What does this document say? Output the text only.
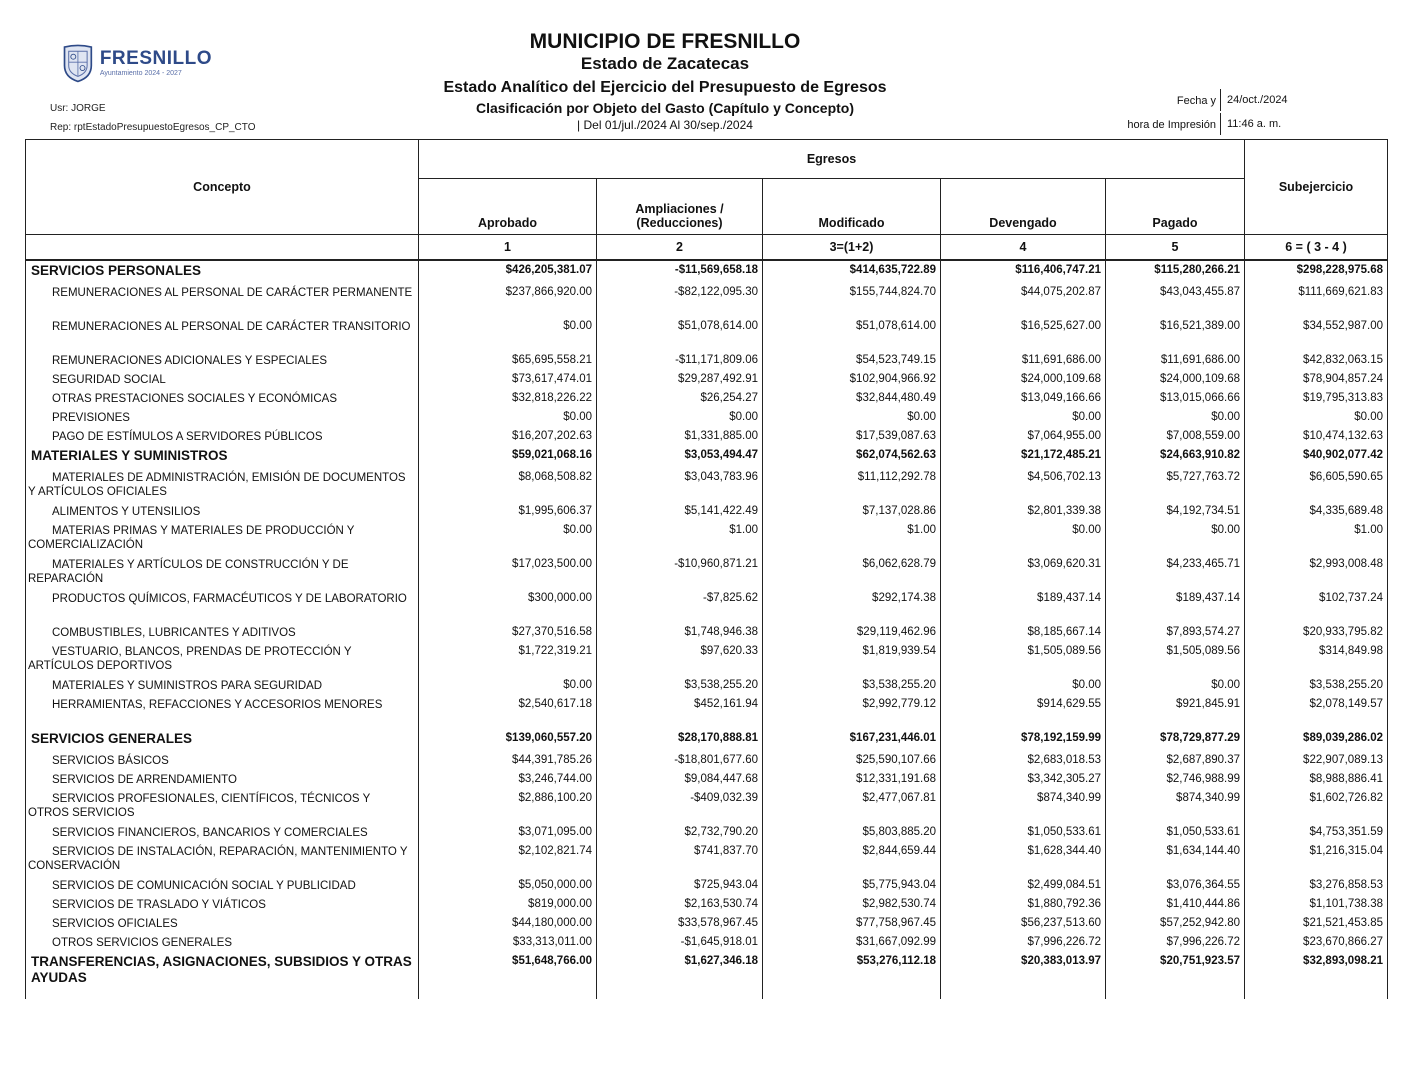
FRESNILLO
Ayuntamiento 2024 - 2027
Usr: JORGE
Rep: rptEstadoPresupuestoEgresos_CP_CTO
MUNICIPIO DE FRESNILLO
Estado de Zacatecas
Estado Analítico del Ejercicio del Presupuesto de Egresos
Clasificación por Objeto del Gasto (Capítulo y Concepto)
| Del 01/jul./2024 Al 30/sep./2024
Fecha y	24/oct./2024
hora de Impresión	11:46 a. m.
Concepto	Egresos					Subejercicio
	Aprobado	Ampliaciones / (Reducciones)	Modificado	Devengado	Pagado	
	1	2	3=(1+2)	4	5	6 = ( 3 - 4 )
SERVICIOS PERSONALES	$426,205,381.07	-$11,569,658.18	$414,635,722.89	$116,406,747.21	$115,280,266.21	$298,228,975.68
REMUNERACIONES AL PERSONAL DE CARÁCTER PERMANENTE	$237,866,920.00	-$82,122,095.30	$155,744,824.70	$44,075,202.87	$43,043,455.87	$111,669,621.83
REMUNERACIONES AL PERSONAL DE CARÁCTER TRANSITORIO	$0.00	$51,078,614.00	$51,078,614.00	$16,525,627.00	$16,521,389.00	$34,552,987.00
REMUNERACIONES ADICIONALES Y ESPECIALES	$65,695,558.21	-$11,171,809.06	$54,523,749.15	$11,691,686.00	$11,691,686.00	$42,832,063.15
SEGURIDAD SOCIAL	$73,617,474.01	$29,287,492.91	$102,904,966.92	$24,000,109.68	$24,000,109.68	$78,904,857.24
OTRAS PRESTACIONES SOCIALES Y ECONÓMICAS	$32,818,226.22	$26,254.27	$32,844,480.49	$13,049,166.66	$13,015,066.66	$19,795,313.83
PREVISIONES	$0.00	$0.00	$0.00	$0.00	$0.00	$0.00
PAGO DE ESTÍMULOS A SERVIDORES PÚBLICOS	$16,207,202.63	$1,331,885.00	$17,539,087.63	$7,064,955.00	$7,008,559.00	$10,474,132.63
MATERIALES Y SUMINISTROS	$59,021,068.16	$3,053,494.47	$62,074,562.63	$21,172,485.21	$24,663,910.82	$40,902,077.42
MATERIALES DE ADMINISTRACIÓN, EMISIÓN DE DOCUMENTOS Y ARTÍCULOS OFICIALES	$8,068,508.82	$3,043,783.96	$11,112,292.78	$4,506,702.13	$5,727,763.72	$6,605,590.65
ALIMENTOS Y UTENSILIOS	$1,995,606.37	$5,141,422.49	$7,137,028.86	$2,801,339.38	$4,192,734.51	$4,335,689.48
MATERIAS PRIMAS Y MATERIALES DE PRODUCCIÓN Y COMERCIALIZACIÓN	$0.00	$1.00	$1.00	$0.00	$0.00	$1.00
MATERIALES Y ARTÍCULOS DE CONSTRUCCIÓN Y DE REPARACIÓN	$17,023,500.00	-$10,960,871.21	$6,062,628.79	$3,069,620.31	$4,233,465.71	$2,993,008.48
PRODUCTOS QUÍMICOS, FARMACÉUTICOS Y DE LABORATORIO	$300,000.00	-$7,825.62	$292,174.38	$189,437.14	$189,437.14	$102,737.24
COMBUSTIBLES, LUBRICANTES Y ADITIVOS	$27,370,516.58	$1,748,946.38	$29,119,462.96	$8,185,667.14	$7,893,574.27	$20,933,795.82
VESTUARIO, BLANCOS, PRENDAS DE PROTECCIÓN Y ARTÍCULOS DEPORTIVOS	$1,722,319.21	$97,620.33	$1,819,939.54	$1,505,089.56	$1,505,089.56	$314,849.98
MATERIALES Y SUMINISTROS PARA SEGURIDAD	$0.00	$3,538,255.20	$3,538,255.20	$0.00	$0.00	$3,538,255.20
HERRAMIENTAS, REFACCIONES Y ACCESORIOS MENORES	$2,540,617.18	$452,161.94	$2,992,779.12	$914,629.55	$921,845.91	$2,078,149.57
SERVICIOS GENERALES	$139,060,557.20	$28,170,888.81	$167,231,446.01	$78,192,159.99	$78,729,877.29	$89,039,286.02
SERVICIOS BÁSICOS	$44,391,785.26	-$18,801,677.60	$25,590,107.66	$2,683,018.53	$2,687,890.37	$22,907,089.13
SERVICIOS DE ARRENDAMIENTO	$3,246,744.00	$9,084,447.68	$12,331,191.68	$3,342,305.27	$2,746,988.99	$8,988,886.41
SERVICIOS PROFESIONALES, CIENTÍFICOS, TÉCNICOS Y OTROS SERVICIOS	$2,886,100.20	-$409,032.39	$2,477,067.81	$874,340.99	$874,340.99	$1,602,726.82
SERVICIOS FINANCIEROS, BANCARIOS Y COMERCIALES	$3,071,095.00	$2,732,790.20	$5,803,885.20	$1,050,533.61	$1,050,533.61	$4,753,351.59
SERVICIOS DE INSTALACIÓN, REPARACIÓN, MANTENIMIENTO Y CONSERVACIÓN	$2,102,821.74	$741,837.70	$2,844,659.44	$1,628,344.40	$1,634,144.40	$1,216,315.04
SERVICIOS DE COMUNICACIÓN SOCIAL Y PUBLICIDAD	$5,050,000.00	$725,943.04	$5,775,943.04	$2,499,084.51	$3,076,364.55	$3,276,858.53
SERVICIOS DE TRASLADO Y VIÁTICOS	$819,000.00	$2,163,530.74	$2,982,530.74	$1,880,792.36	$1,410,444.86	$1,101,738.38
SERVICIOS OFICIALES	$44,180,000.00	$33,578,967.45	$77,758,967.45	$56,237,513.60	$57,252,942.80	$21,521,453.85
OTROS SERVICIOS GENERALES	$33,313,011.00	-$1,645,918.01	$31,667,092.99	$7,996,226.72	$7,996,226.72	$23,670,866.27
TRANSFERENCIAS, ASIGNACIONES, SUBSIDIOS Y OTRAS AYUDAS	$51,648,766.00	$1,627,346.18	$53,276,112.18	$20,383,013.97	$20,751,923.57	$32,893,098.21
